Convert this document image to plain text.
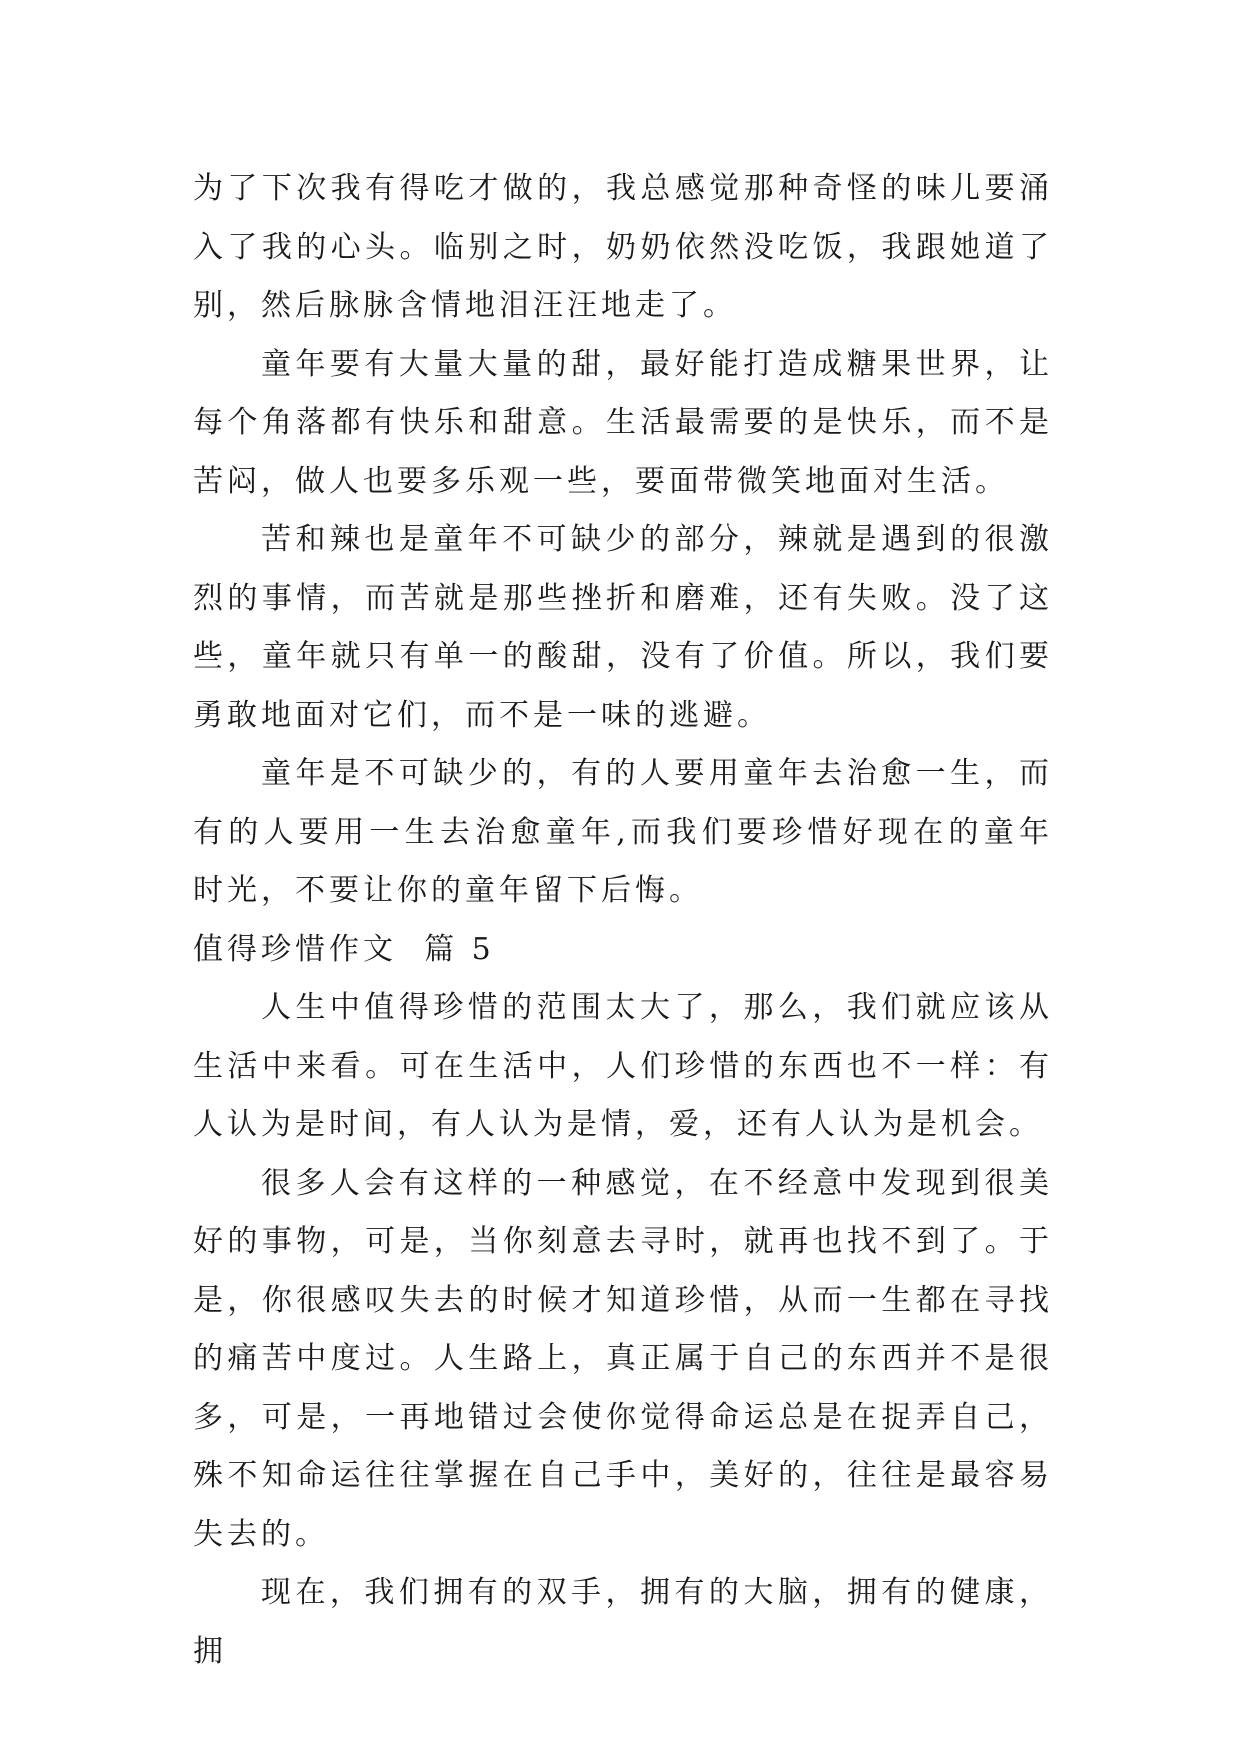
为了下次我有得吃才做的，我总感觉那种奇怪的味儿要涌入了我的心头。临别之时，奶奶依然没吃饭，我跟她道了别，然后脉脉含情地泪汪汪地走了。

童年要有大量大量的甜，最好能打造成糖果世界，让每个角落都有快乐和甜意。生活最需要的是快乐，而不是苦闷，做人也要多乐观一些，要面带微笑地面对生活。

苦和辣也是童年不可缺少的部分，辣就是遇到的很激烈的事情，而苦就是那些挫折和磨难，还有失败。没了这些，童年就只有单一的酸甜，没有了价值。所以，我们要勇敢地面对它们，而不是一味的逃避。

童年是不可缺少的，有的人要用童年去治愈一生，而有的人要用一生去治愈童年,而我们要珍惜好现在的童年时光，不要让你的童年留下后悔。

值得珍惜作文  篇 5

人生中值得珍惜的范围太大了，那么，我们就应该从生活中来看。可在生活中，人们珍惜的东西也不一样：有人认为是时间，有人认为是情，爱，还有人认为是机会。

很多人会有这样的一种感觉，在不经意中发现到很美好的事物，可是，当你刻意去寻时，就再也找不到了。于是，你很感叹失去的时候才知道珍惜，从而一生都在寻找的痛苦中度过。人生路上，真正属于自己的东西并不是很多，可是，一再地错过会使你觉得命运总是在捉弄自己，殊不知命运往往掌握在自己手中，美好的，往往是最容易失去的。

现在，我们拥有的双手，拥有的大脑，拥有的健康，拥
